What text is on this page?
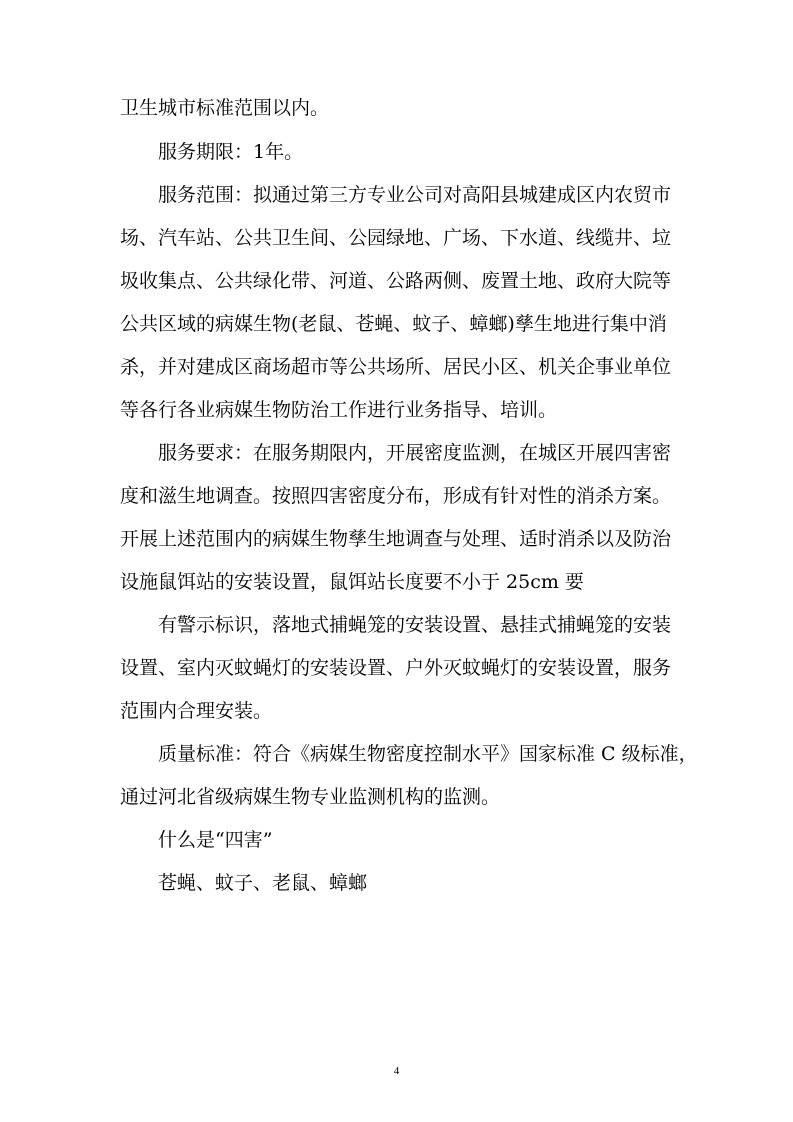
卫生城市标准范围以内。
服务期限：1年。
服务范围：拟通过第三方专业公司对高阳县城建成区内农贸市
场、汽车站、公共卫生间、公园绿地、广场、下水道、线缆井、垃
圾收集点、公共绿化带、河道、公路两侧、废置土地、政府大院等
公共区域的病媒生物(老鼠、苍蝇、蚊子、蟑螂)孳生地进行集中消
杀，并对建成区商场超市等公共场所、居民小区、机关企事业单位
等各行各业病媒生物防治工作进行业务指导、培训。
服务要求：在服务期限内，开展密度监测，在城区开展四害密
度和滋生地调查。按照四害密度分布，形成有针对性的消杀方案。
开展上述范围内的病媒生物孳生地调查与处理、适时消杀以及防治
设施鼠饵站的安装设置，鼠饵站长度要不小于 25cm 要
有警示标识，落地式捕蝇笼的安装设置、悬挂式捕蝇笼的安装
设置、室内灭蚊蝇灯的安装设置、户外灭蚊蝇灯的安装设置，服务
范围内合理安装。
质量标准：符合《病媒生物密度控制水平》国家标准 C 级标准，
通过河北省级病媒生物专业监测机构的监测。
什么是“四害”
苍蝇、蚊子、老鼠、蟑螂
4
